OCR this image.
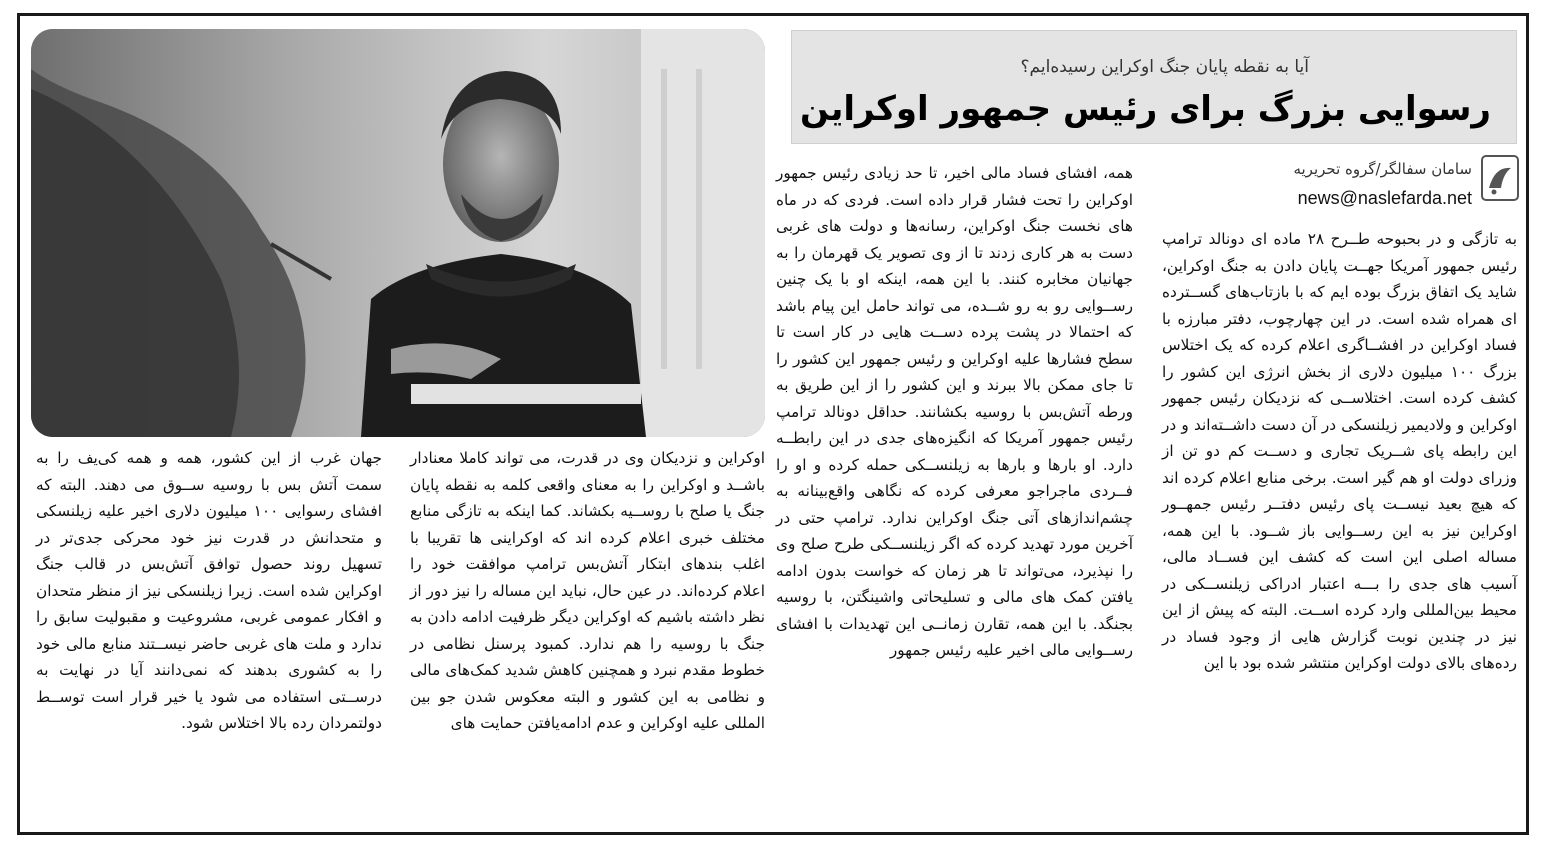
آیا به نقطه پایان جنگ اوکراین رسیده‌ایم؟
رسوایی بزرگ برای رئیس جمهور اوکراین
سامان سفالگر/گروه تحریریه
news@naslefarda.net

به تازگی و در بحبوحه طــرح ۲۸ ماده ای دونالد ترامپ رئیس جمهور آمریکا جهــت پایان دادن به جنگ اوکراین، شاید یک اتفاق بزرگ بوده ایم که با بازتاب‌های گســترده ای همراه شده است. در این چهارچوب، دفتر مبارزه با فساد اوکراین در افشــاگری اعلام کرده که یک اختلاس بزرگ ۱۰۰ میلیون دلاری از بخش انرژی این کشور را کشف کرده است. اختلاســی که نزدیکان رئیس جمهور اوکراین و ولادیمیر زیلنسکی در آن دست داشــته‌اند و در این رابطه پای شــریک تجاری و دســت کم دو تن از وزرای دولت او هم گیر است. برخی منابع اعلام کرده اند که هیچ بعید نیســت پای رئیس دفتــر رئیس جمهــور اوکراین نیز به این رســوایی باز شــود. با این همه، مساله اصلی این است که کشف این فســاد مالی، آسیب های جدی را بـــه اعتبار ادراکی زیلنســکی در محیط بین‌المللی وارد کرده اســت. البته که پیش از این نیز در چندین نوبت گزارش هایی از وجود فساد در رده‌های بالای دولت اوکراین منتشر شده بود با این

همه، افشای فساد مالی اخیر، تا حد زیادی رئیس جمهور اوکراین را تحت فشار قرار داده است. فردی که در ماه های نخست جنگ اوکراین، رسانه‌ها و دولت های غربی دست به هر کاری زدند تا از وی تصویر یک قهرمان را به جهانیان مخابره کنند. با این همه، اینکه او با یک چنین رســوایی رو به رو شــده، می تواند حامل این پیام باشد که احتمالا در پشت پرده دســت هایی در کار است تا سطح فشارها علیه اوکراین و رئیس جمهور این کشور را تا جای ممکن بالا ببرند و این کشور را از این طریق به ورطه آتش‌بس با روسیه بکشانند. حداقل دونالد ترامپ رئیس جمهور آمریکا که انگیزه‌های جدی در این رابطــه دارد. او بارها و بارها به زیلنســکی حمله کرده و او را فــردی ماجراجو معرفی کرده که نگاهی واقع‌بینانه به چشم‌اندازهای آتی جنگ اوکراین ندارد. ترامپ حتی در آخرین مورد تهدید کرده که اگر زیلنســکی طرح صلح وی را نپذیرد، می‌تواند تا هر زمان که خواست بدون ادامه یافتن کمک های مالی و تسلیحاتی واشینگتن، با روسیه بجنگد. با این همه، تقارن زمانــی این تهدیدات با افشای رســوایی مالی اخیر علیه رئیس جمهور

اوکراین و نزدیکان وی در قدرت، می تواند کاملا معنادار باشــد و اوکراین را به معنای واقعی کلمه به نقطه پایان جنگ یا صلح با روســیه بکشاند. کما اینکه به تازگی منابع مختلف خبری اعلام کرده اند که اوکراینی ها تقریبا با اغلب بندهای ابتکار آتش‌بس ترامپ موافقت خود را اعلام کرده‌اند. در عین حال، نباید این مساله را نیز دور از نظر داشته باشیم که اوکراین دیگر ظرفیت ادامه دادن به جنگ با روسیه را هم ندارد. کمبود پرسنل نظامی در خطوط مقدم نبرد و همچنین کاهش شدید کمک‌های مالی و نظامی به این کشور و البته معکوس شدن جو بین المللی علیه اوکراین و عدم ادامه‌یافتن حمایت های

جهان غرب از این کشور، همه و همه کی‌یف را به سمت آتش بس با روسیه ســوق می دهند. البته که افشای رسوایی ۱۰۰ میلیون دلاری اخیر علیه زیلنسکی و متحدانش در قدرت نیز خود محرکی جدی‌تر در تسهیل روند حصول توافق آتش‌بس در قالب جنگ اوکراین شده است. زیرا زیلنسکی نیز از منظر متحدان و افکار عمومی غربی، مشروعیت و مقبولیت سابق را ندارد و ملت های غربی حاضر نیســتند منابع مالی خود را به کشوری بدهند که نمی‌دانند آیا در نهایت به درســتی استفاده می شود یا خیر قرار است توســط دولتمردان رده بالا اختلاس شود.
